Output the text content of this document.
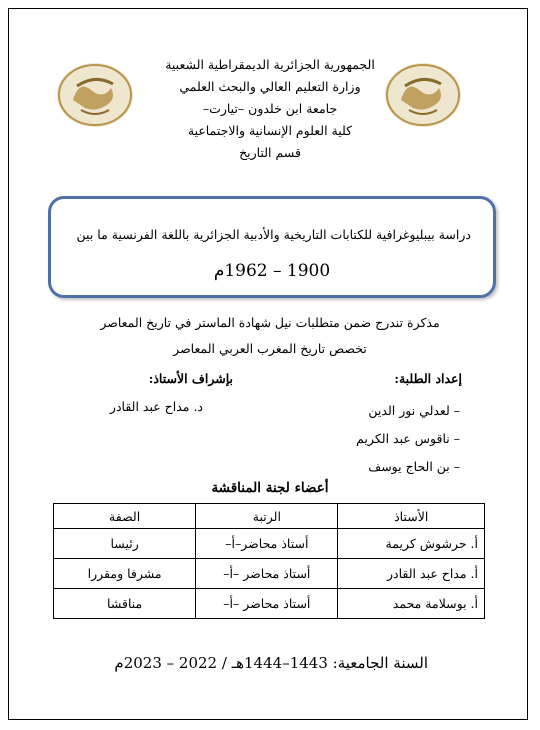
الجمهورية الجزائرية الديمقراطية الشعبية
وزارة التعليم العالي والبحث العلمي
جامعة ابن خلدون –تيارت–
كلية العلوم الإنسانية والاجتماعية
قسم التاريخ
دراسة بيبليوغرافية للكتابات التاريخية والأدبية الجزائرية باللغة الفرنسية ما بين
1900 – 1962م
مذكرة تندرج ضمن متطلبات نيل شهادة الماستر في تاريخ المعاصر
تخصص تاريخ المغرب العربي المعاصر
إعداد الطلبة:
بإشراف الأستاذ:
– لعدلي نور الدين
– ناقوس عبد الكريم
– بن الحاج يوسف
د. مداح عبد القادر
أعضاء لجنة المناقشة
الأستاذ	الرتبة	الصفة
أ. حرشوش كريمة	أستاذ محاضر–أ–	رئيسا
أ. مداح عبد القادر	أستاذ محاضر –أ–	مشرفا ومقررا
أ. بوسلامة محمد	أستاذ محاضر –أ–	مناقشا
السنة الجامعية: 1443–1444هـ / 2022 – 2023م
